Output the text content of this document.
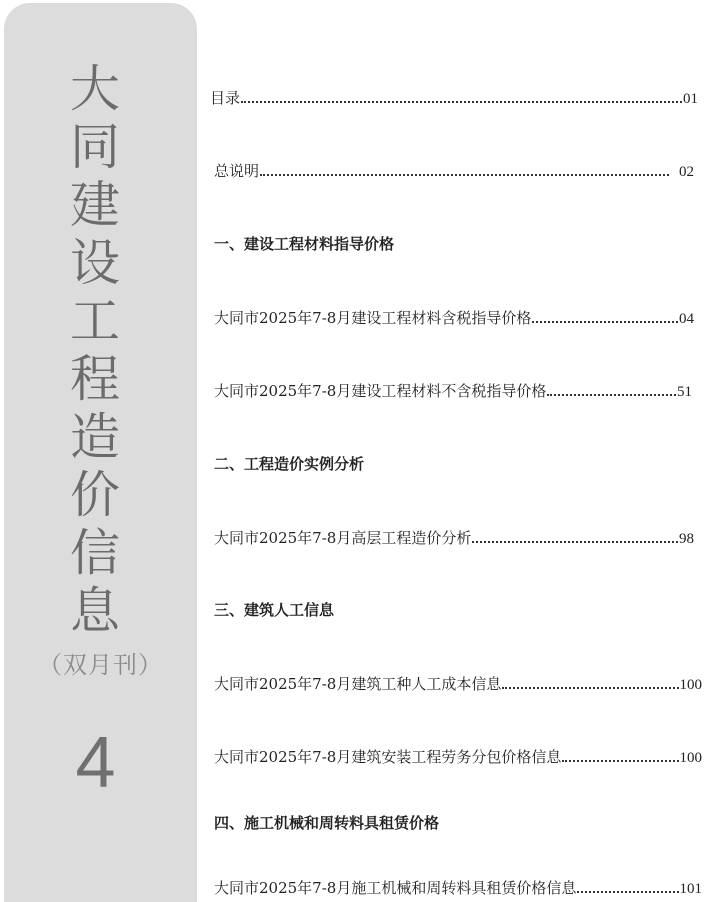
大
同
建
设
工
程
造
价
信
息
（双月刊）
4
目录	01
总说明	02
一、建设工程材料指导价格
大同市2025年7-8月建设工程材料含税指导价格	04
大同市2025年7-8月建设工程材料不含税指导价格	51
二、工程造价实例分析
大同市2025年7-8月高层工程造价分析	98
三、建筑人工信息
大同市2025年7-8月建筑工种人工成本信息	100
大同市2025年7-8月建筑安装工程劳务分包价格信息	100
四、施工机械和周转料具租赁价格
大同市2025年7-8月施工机械和周转料具租赁价格信息	101
